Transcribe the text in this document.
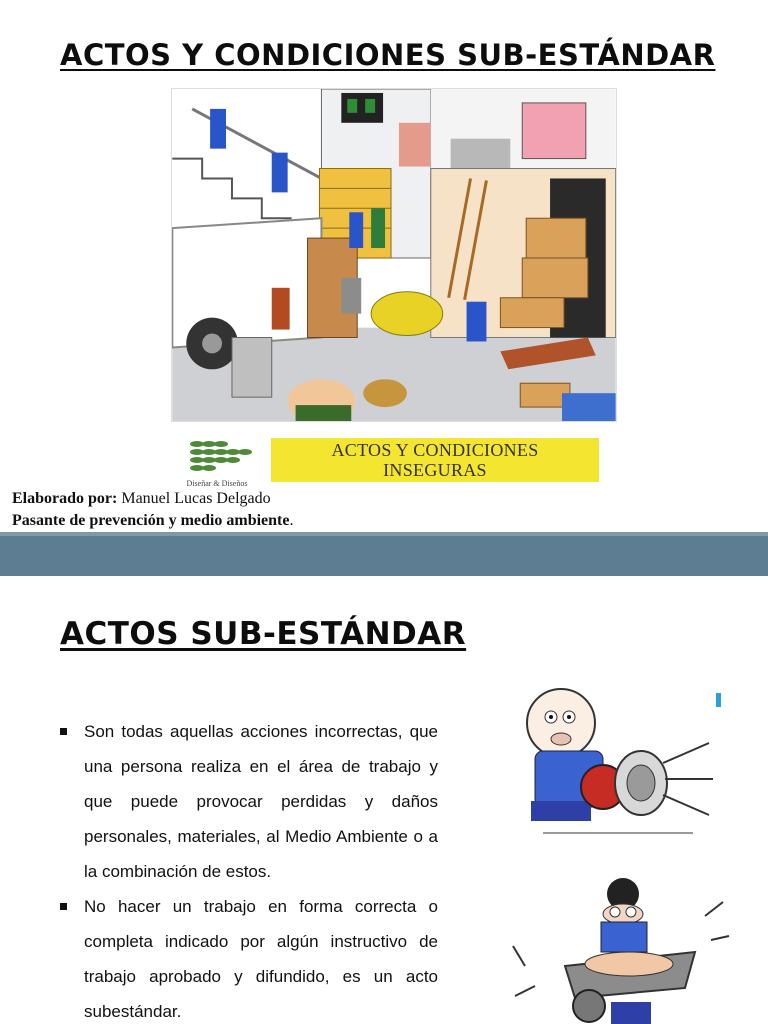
ACTOS Y CONDICIONES SUB-ESTÁNDAR
Diseñar & Diseños
ACTOS Y CONDICIONES
INSEGURAS
Elaborado por: Manuel Lucas Delgado
Pasante de prevención y medio ambiente.
ACTOS SUB-ESTÁNDAR
Son todas aquellas acciones incorrectas, que una persona realiza en el área de trabajo y que puede provocar perdidas y daños personales, materiales, al Medio Ambiente o a la combinación de estos.
No hacer un trabajo en forma correcta o completa indicado por algún instructivo de trabajo aprobado y difundido, es un acto subestándar.
